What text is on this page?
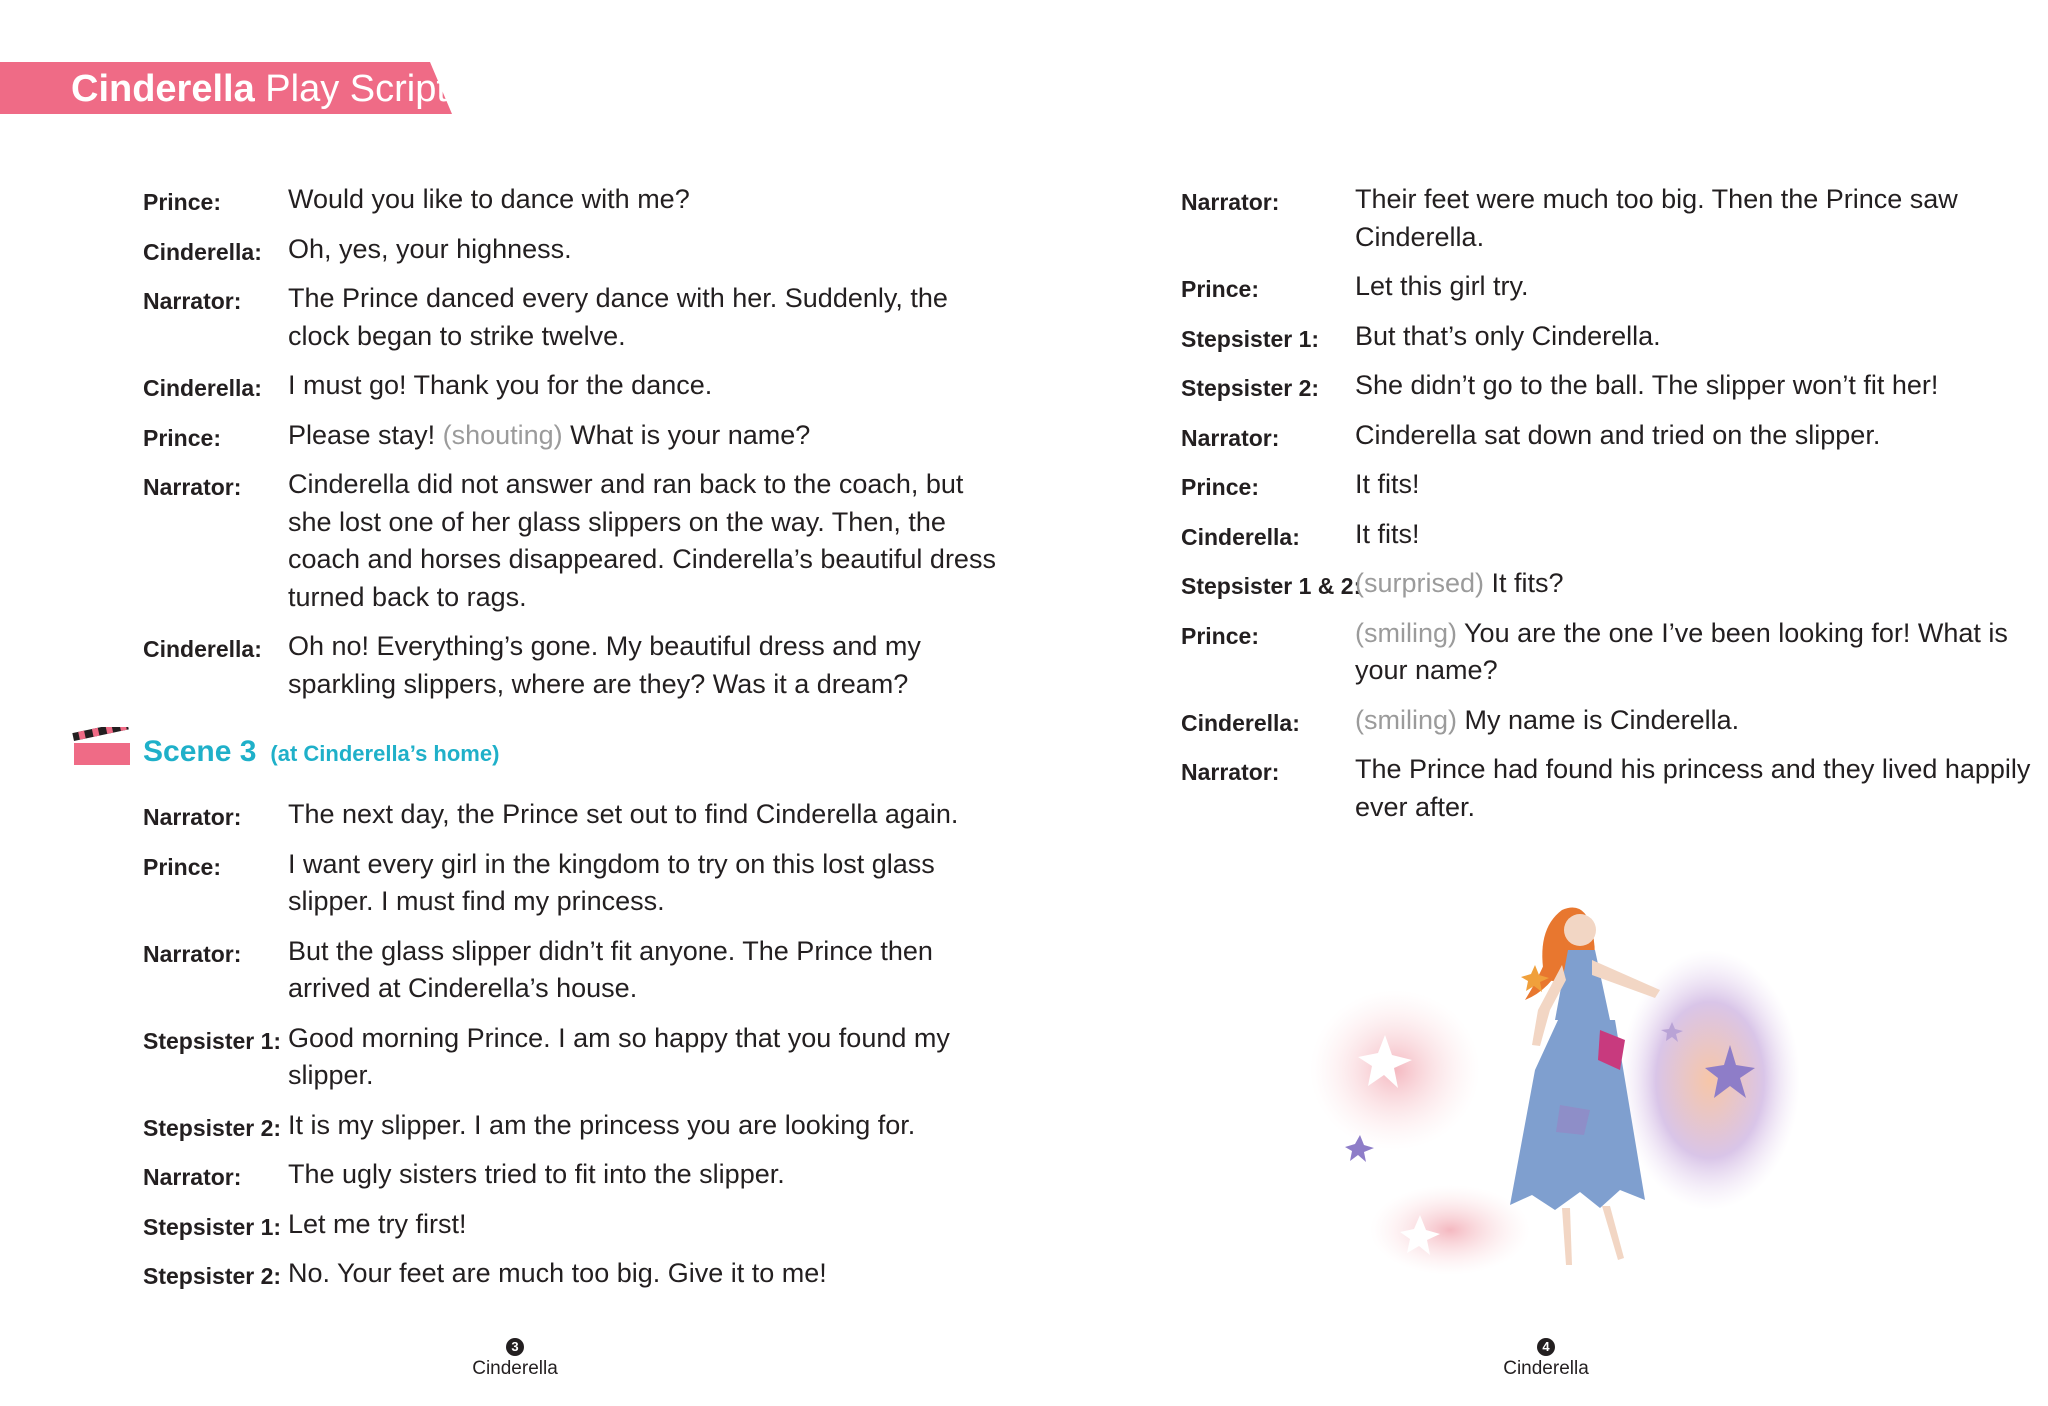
Cinderella Play Script
Prince: Would you like to dance with me?
Cinderella: Oh, yes, your highness.
Narrator: The Prince danced every dance with her. Suddenly, the
clock began to strike twelve.
Cinderella: I must go! Thank you for the dance.
Prince: Please stay! (shouting) What is your name?
Narrator: Cinderella did not answer and ran back to the coach, but
she lost one of her glass slippers on the way. Then, the
coach and horses disappeared. Cinderella’s beautiful dress
turned back to rags.
Cinderella: Oh no! Everything’s gone. My beautiful dress and my
sparkling slippers, where are they? Was it a dream?
Scene 3 (at Cinderella’s home)
Narrator: The next day, the Prince set out to find Cinderella again.
Prince: I want every girl in the kingdom to try on this lost glass
slipper. I must find my princess.
Narrator: But the glass slipper didn’t fit anyone. The Prince then
arrived at Cinderella’s house.
Stepsister 1: Good morning Prince. I am so happy that you found my
slipper.
Stepsister 2: It is my slipper. I am the princess you are looking for.
Narrator: The ugly sisters tried to fit into the slipper.
Stepsister 1: Let me try first!
Stepsister 2: No. Your feet are much too big. Give it to me!
Narrator:	Their feet were much too big. Then the Prince saw
Cinderella.
Prince:	Let this girl try.
Stepsister 1: But that’s only Cinderella.
Stepsister 2: She didn’t go to the ball. The slipper won’t fit her!
Narrator:	Cinderella sat down and tried on the slipper.
Prince:	It fits!
Cinderella: It fits!
Stepsister 1 & 2:
(surprised) It fits?
Prince:	(smiling) You are the one I’ve been looking for! What is
your name?
Cinderella: (smiling) My name is Cinderella.
Narrator:	The Prince had found his princess and they lived happily
ever after.
3
Cinderella
4
Cinderella
